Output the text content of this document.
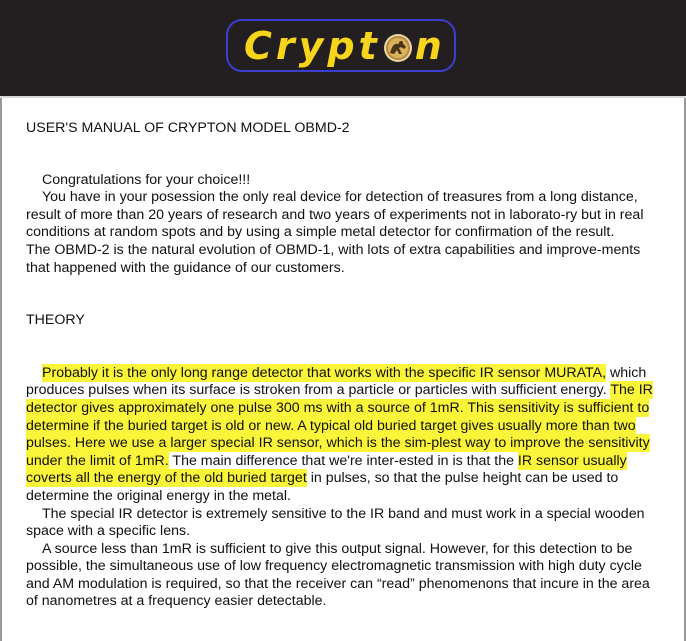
Crypt n

USER'S MANUAL OF CRYPTON MODEL OBMD-2

Congratulations for your choice!!!

You have in your posession the only real device for detection of treasures from a long distance, result of more than 20 years of research and two years of experiments not in laborato-ry but in real conditions at random spots and by using a simple metal detector for confirmation of the result.

The OBMD-2 is the natural evolution of OBMD-1, with lots of extra capabilities and improve-ments that happened with the guidance of our customers.

THEORY

Probably it is the only long range detector that works with the specific IR sensor MURATA, which produces pulses when its surface is stroken from a particle or particles with sufficient energy. The IR detector gives approximately one pulse 300 ms with a source of 1mR. This sensitivity is sufficient to determine if the buried target is old or new. A typical old buried target gives usually more than two pulses. Here we use a larger special IR sensor, which is the sim-plest way to improve the sensitivity under the limit of 1mR. The main difference that we're inter-ested in is that the IR sensor usually coverts all the energy of the old buried target in pulses, so that the pulse height can be used to determine the original energy in the metal.

The special IR detector is extremely sensitive to the IR band and must work in a special wooden space with a specific lens.

A source less than 1mR is sufficient to give this output signal. However, for this detection to be possible, the simultaneous use of low frequency electromagnetic transmission with high duty cycle and AM modulation is required, so that the receiver can “read” phenomenons that incure in the area of nanometres at a frequency easier detectable.
